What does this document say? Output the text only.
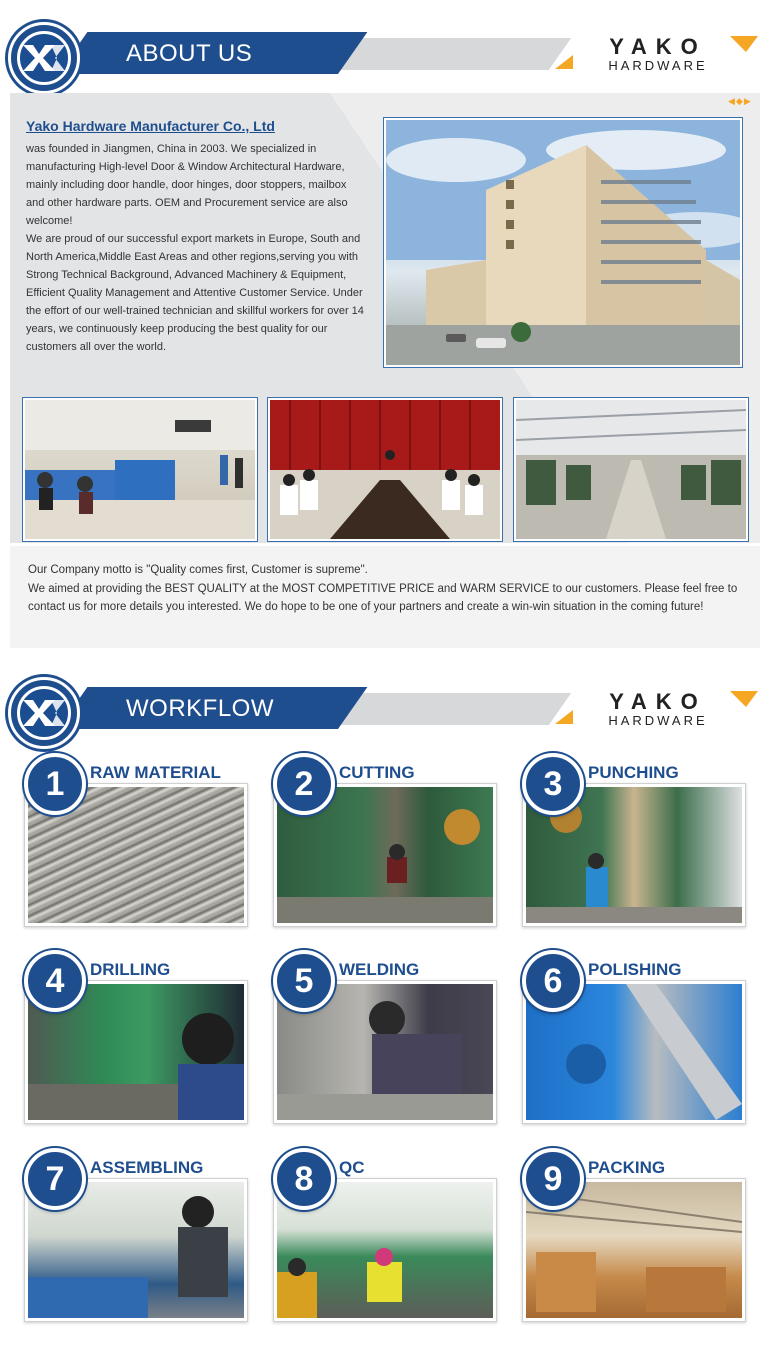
ABOUT US	YAKO
HARDWARE
◀◆▶
Yako Hardware Manufacturer Co., Ltd
was founded in Jiangmen, China in 2003. We specialized in manufacturing High-level Door & Window Architectural Hardware, mainly including door handle, door hinges, door stoppers, mailbox and other hardware parts. OEM and Procurement service are also welcome!
We are proud of our successful export markets in Europe, South and North America,Middle East Areas and other regions,serving you with Strong Technical Background, Advanced Machinery & Equipment, Efficient Quality Management and Attentive Customer Service. Under the effort of our well-trained technician and skillful workers for over 14 years, we continuously keep producing the best quality for our customers all over the world.
Our Company motto is "Quality comes first, Customer is supreme".
We aimed at providing the BEST QUALITY at the MOST COMPETITIVE PRICE and WARM SERVICE to our customers. Please feel free to contact us for more details you interested. We do hope to be one of your partners and create a win-win situation in the coming future!
WORKFLOW	YAKO
HARDWARE
1	RAW MATERIAL	2	CUTTING	3	PUNCHING
4	DRILLING	5	WELDING	6	POLISHING
7	ASSEMBLING	8	QC	9	PACKING
